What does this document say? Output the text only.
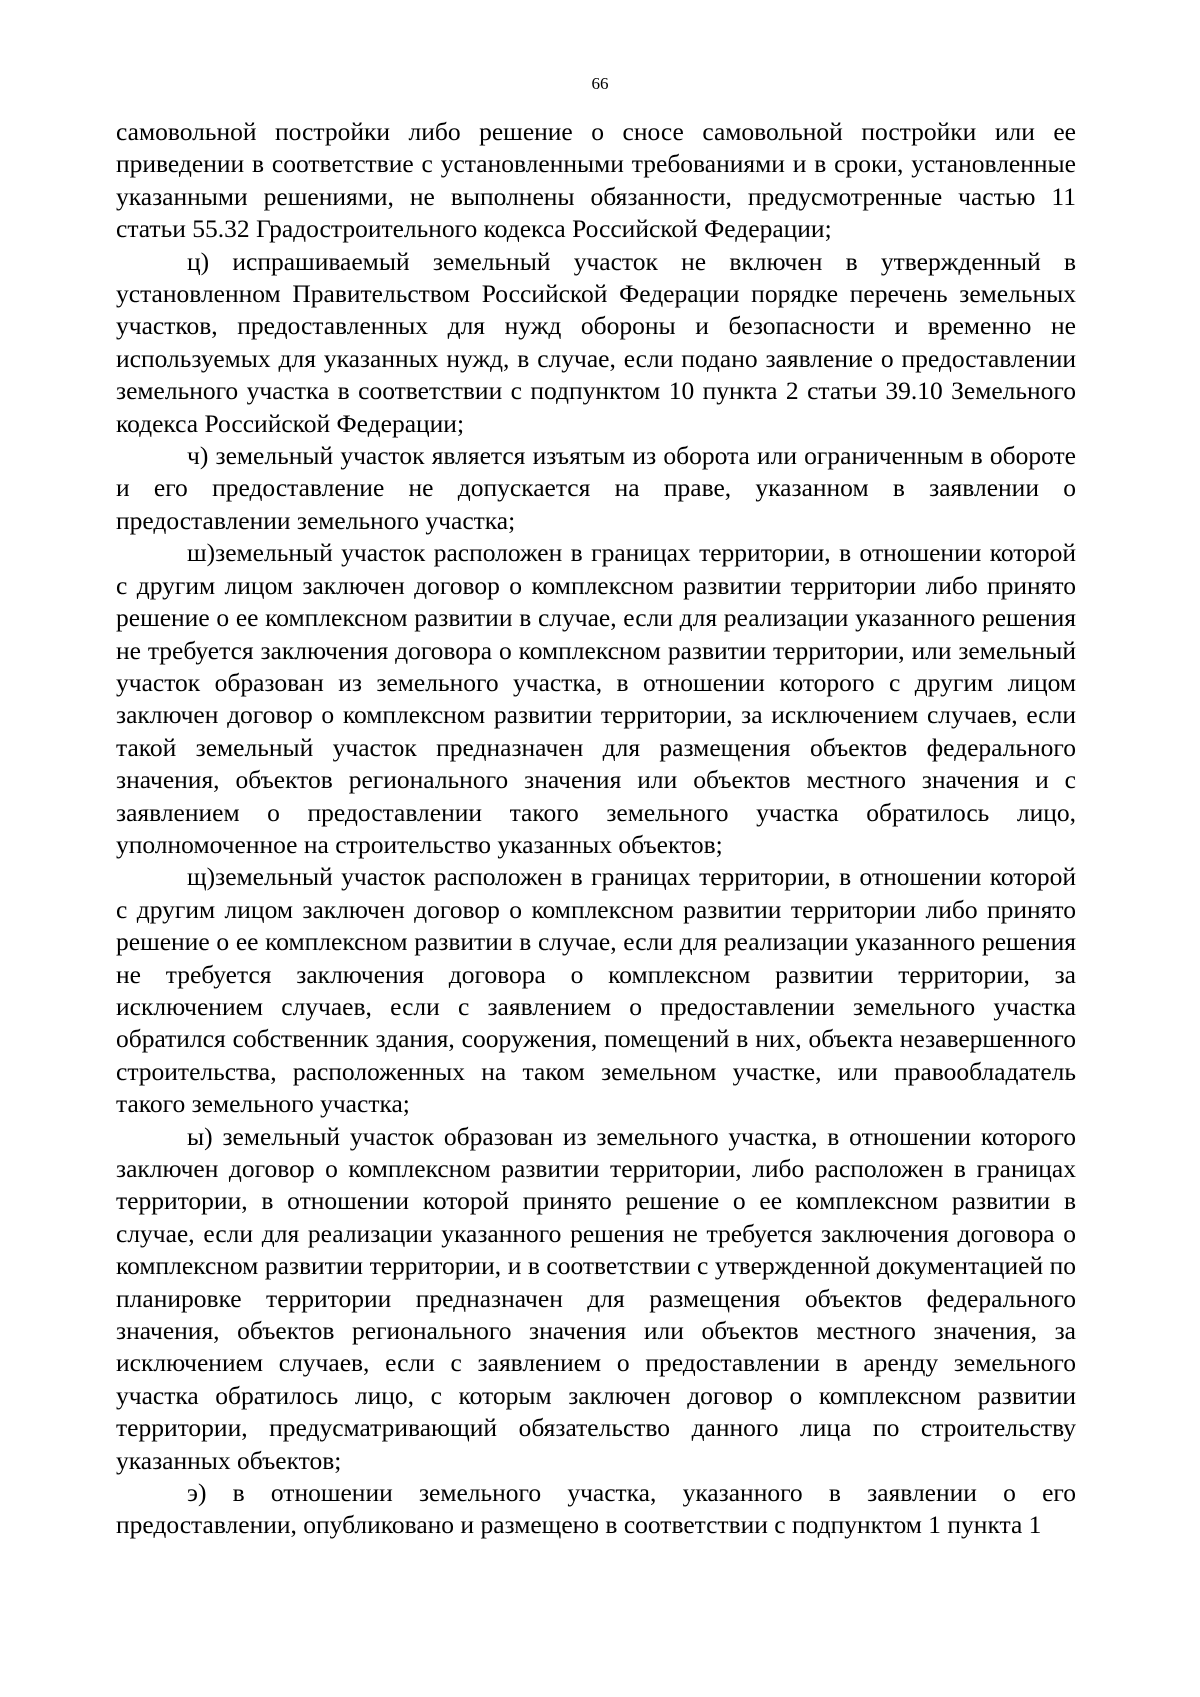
66

самовольной постройки либо решение о сносе самовольной постройки или ее приведении в соответствие с установленными требованиями и в сроки, установленные указанными решениями, не выполнены обязанности, предусмотренные частью 11 статьи 55.32 Градостроительного кодекса Российской Федерации;

ц) испрашиваемый земельный участок не включен в утвержденный в установленном Правительством Российской Федерации порядке перечень земельных участков, предоставленных для нужд обороны и безопасности и временно не используемых для указанных нужд, в случае, если подано заявление о предоставлении земельного участка в соответствии с подпунктом 10 пункта 2 статьи 39.10 Земельного кодекса Российской Федерации;

ч) земельный участок является изъятым из оборота или ограниченным в обороте и его предоставление не допускается на праве, указанном в заявлении о предоставлении земельного участка;

ш)земельный участок расположен в границах территории, в отношении которой с другим лицом заключен договор о комплексном развитии территории либо принято решение о ее комплексном развитии в случае, если для реализации указанного решения не требуется заключения договора о комплексном развитии территории, или земельный участок образован из земельного участка, в отношении которого с другим лицом заключен договор о комплексном развитии территории, за исключением случаев, если такой земельный участок предназначен для размещения объектов федерального значения, объектов регионального значения или объектов местного значения и с заявлением о предоставлении такого земельного участка обратилось лицо, уполномоченное на строительство указанных объектов;

щ)земельный участок расположен в границах территории, в отношении которой с другим лицом заключен договор о комплексном развитии территории либо принято решение о ее комплексном развитии в случае, если для реализации указанного решения не требуется заключения договора о комплексном развитии территории, за исключением случаев, если с заявлением о предоставлении земельного участка обратился собственник здания, сооружения, помещений в них, объекта незавершенного строительства, расположенных на таком земельном участке, или правообладатель такого земельного участка;

ы) земельный участок образован из земельного участка, в отношении которого заключен договор о комплексном развитии территории, либо расположен в границах территории, в отношении которой принято решение о ее комплексном развитии в случае, если для реализации указанного решения не требуется заключения договора о комплексном развитии территории, и в соответствии с утвержденной документацией по планировке территории предназначен для размещения объектов федерального значения, объектов регионального значения или объектов местного значения, за исключением случаев, если с заявлением о предоставлении в аренду земельного участка обратилось лицо, с которым заключен договор о комплексном развитии территории, предусматривающий обязательство данного лица по строительству указанных объектов;

э) в отношении земельного участка, указанного в заявлении о его предоставлении, опубликовано и размещено в соответствии с подпунктом 1 пункта 1
